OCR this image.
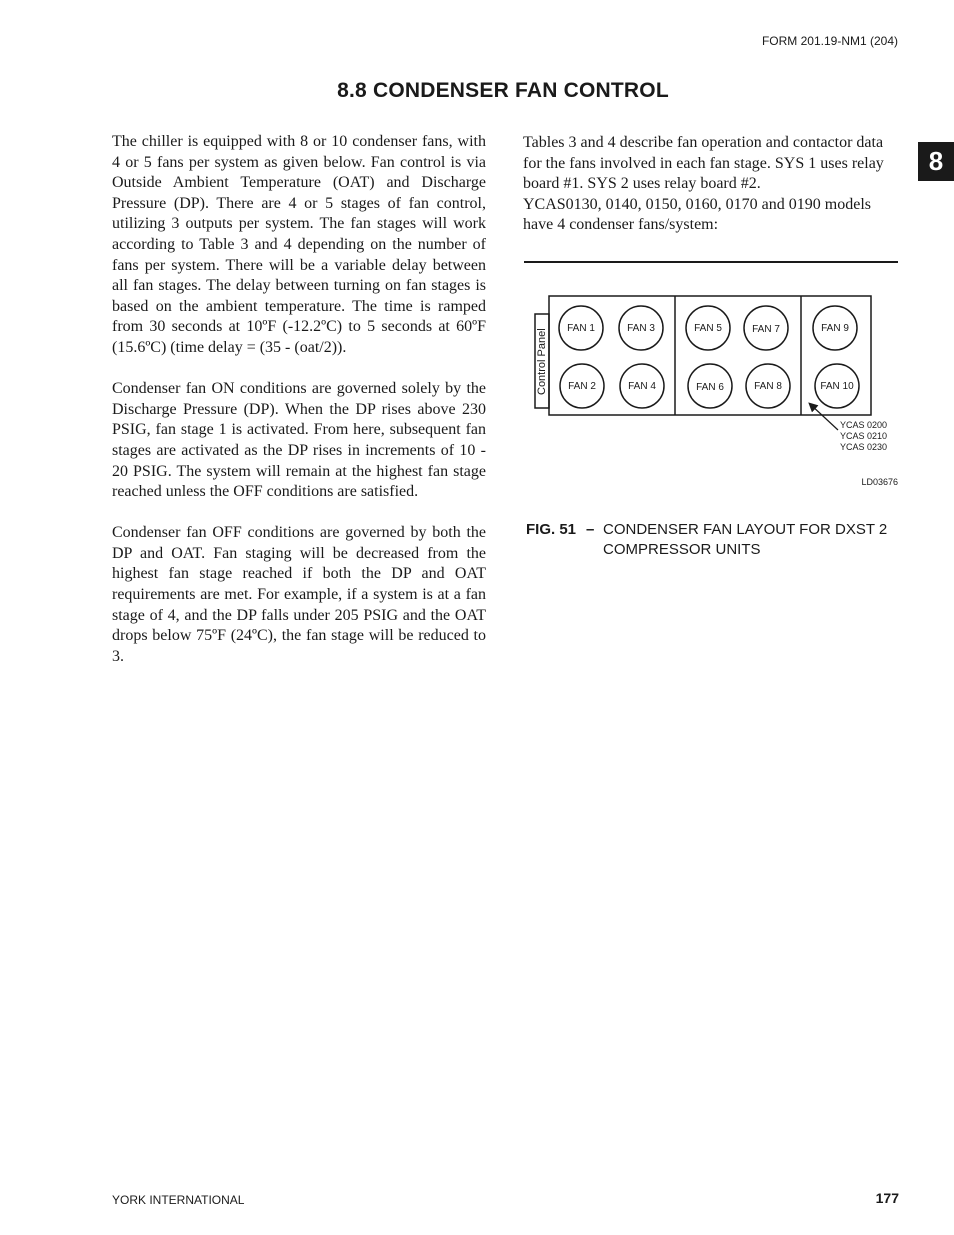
FORM 201.19-NM1 (204)
8.8 CONDENSER FAN CONTROL
8

The chiller is equipped with 8 or 10 condenser fans, with 4 or 5 fans per system as given below. Fan control is via Outside Ambient Temperature (OAT) and Discharge Pressure (DP). There are 4 or 5 stages of fan control, utilizing 3 outputs per system. The fan stages will work according to Table 3 and 4 depending on the number of fans per system. There will be a variable delay between all fan stages. The delay between turning on fan stages is based on the ambient temperature. The time is ramped from 30 seconds at 10ºF (-12.2ºC) to 5 seconds at 60ºF (15.6ºC) (time delay = (35 - (oat/2)).

Condenser fan ON conditions are governed solely by the Discharge Pressure (DP). When the DP rises above 230 PSIG, fan stage 1 is activated. From here, subsequent fan stages are activated as the DP rises in increments of 10 - 20 PSIG. The system will remain at the highest fan stage reached unless the OFF conditions are satisfied.

Condenser fan OFF conditions are governed by both the DP and OAT. Fan staging will be decreased from the highest fan stage reached if both the DP and OAT requirements are met. For example, if a system is at a fan stage of 4, and the DP falls under 205 PSIG and the OAT drops below 75ºF (24ºC), the fan stage will be reduced to 3.

Tables 3 and 4 describe fan operation and contactor data for the fans involved in each fan stage. SYS 1 uses relay board #1. SYS 2 uses relay board #2.

YCAS0130, 0140, 0150, 0160, 0170 and 0190 models have 4 condenser fans/system:

Control Panel FAN 1
FAN 2
FAN 3
FAN 4
FAN 5
FAN 6
FAN 7
FAN 8
FAN 9
FAN 10
YCAS 0200
YCAS 0210
YCAS 0230
LD03676
FIG. 51 – CONDENSER FAN LAYOUT FOR DXST 2 COMPRESSOR UNITS
YORK INTERNATIONAL	177
